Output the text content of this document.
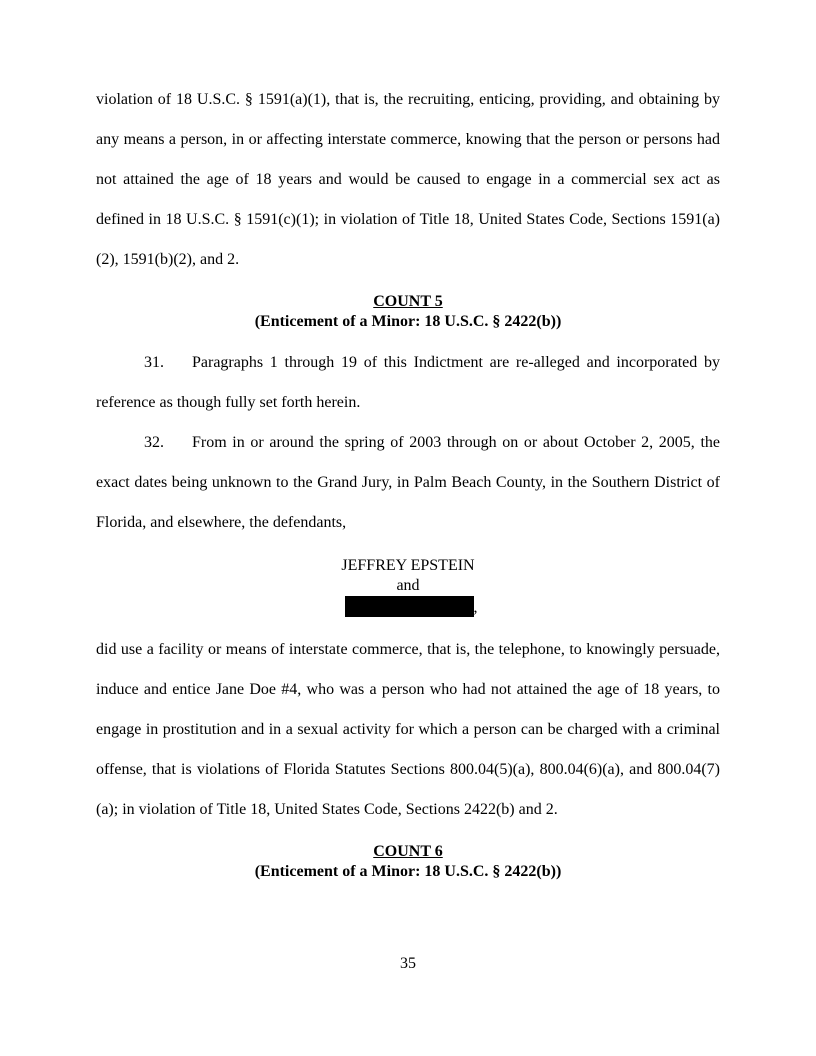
violation of 18 U.S.C. § 1591(a)(1), that is, the recruiting, enticing, providing, and obtaining by any means a person, in or affecting interstate commerce, knowing that the person or persons had not attained the age of 18 years and would be caused to engage in a commercial sex act as defined in 18 U.S.C. § 1591(c)(1); in violation of Title 18, United States Code, Sections 1591(a)(2), 1591(b)(2), and 2.

COUNT 5
(Enticement of a Minor: 18 U.S.C. § 2422(b))

31. Paragraphs 1 through 19 of this Indictment are re-alleged and incorporated by reference as though fully set forth herein.

32. From in or around the spring of 2003 through on or about October 2, 2005, the exact dates being unknown to the Grand Jury, in Palm Beach County, in the Southern District of Florida, and elsewhere, the defendants,

JEFFREY EPSTEIN
and
,

did use a facility or means of interstate commerce, that is, the telephone, to knowingly persuade, induce and entice Jane Doe #4, who was a person who had not attained the age of 18 years, to engage in prostitution and in a sexual activity for which a person can be charged with a criminal offense, that is violations of Florida Statutes Sections 800.04(5)(a), 800.04(6)(a), and 800.04(7)(a); in violation of Title 18, United States Code, Sections 2422(b) and 2.

COUNT 6
(Enticement of a Minor: 18 U.S.C. § 2422(b))
35
